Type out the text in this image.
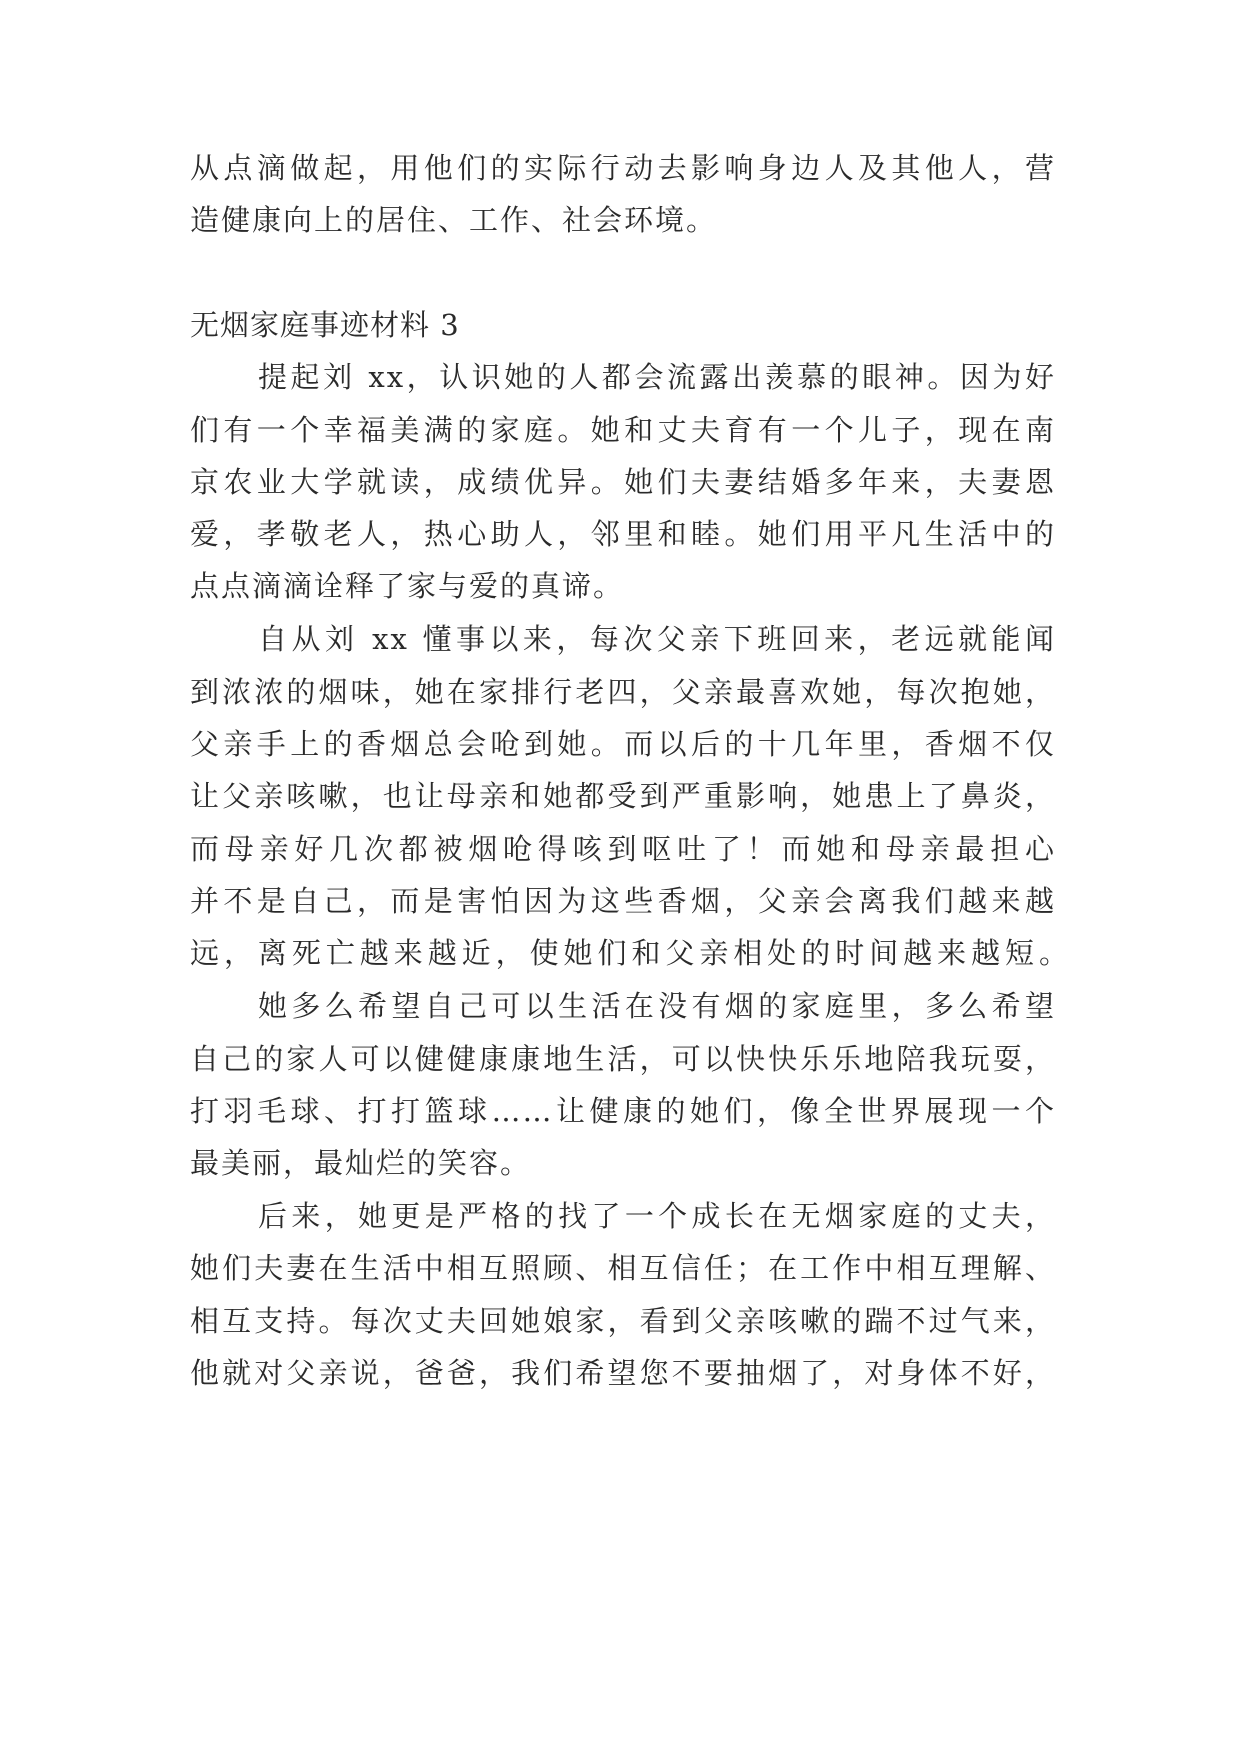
从点滴做起，用他们的实际行动去影响身边人及其他人，营
造健康向上的居住、工作、社会环境。
无烟家庭事迹材料 3
提起刘 xx，认识她的人都会流露出羡慕的眼神。因为好
们有一个幸福美满的家庭。她和丈夫育有一个儿子，现在南
京农业大学就读，成绩优异。她们夫妻结婚多年来，夫妻恩
爱，孝敬老人，热心助人，邻里和睦。她们用平凡生活中的
点点滴滴诠释了家与爱的真谛。
自从刘 xx 懂事以来，每次父亲下班回来，老远就能闻
到浓浓的烟味，她在家排行老四，父亲最喜欢她，每次抱她，
父亲手上的香烟总会呛到她。而以后的十几年里，香烟不仅
让父亲咳嗽，也让母亲和她都受到严重影响，她患上了鼻炎，
而母亲好几次都被烟呛得咳到呕吐了！而她和母亲最担心
并不是自己，而是害怕因为这些香烟，父亲会离我们越来越
远，离死亡越来越近，使她们和父亲相处的时间越来越短。
她多么希望自己可以生活在没有烟的家庭里，多么希望
自己的家人可以健健康康地生活，可以快快乐乐地陪我玩耍，
打羽毛球、打打篮球……让健康的她们，像全世界展现一个
最美丽，最灿烂的笑容。
后来，她更是严格的找了一个成长在无烟家庭的丈夫，
她们夫妻在生活中相互照顾、相互信任；在工作中相互理解、
相互支持。每次丈夫回她娘家，看到父亲咳嗽的踹不过气来，
他就对父亲说，爸爸，我们希望您不要抽烟了，对身体不好，
